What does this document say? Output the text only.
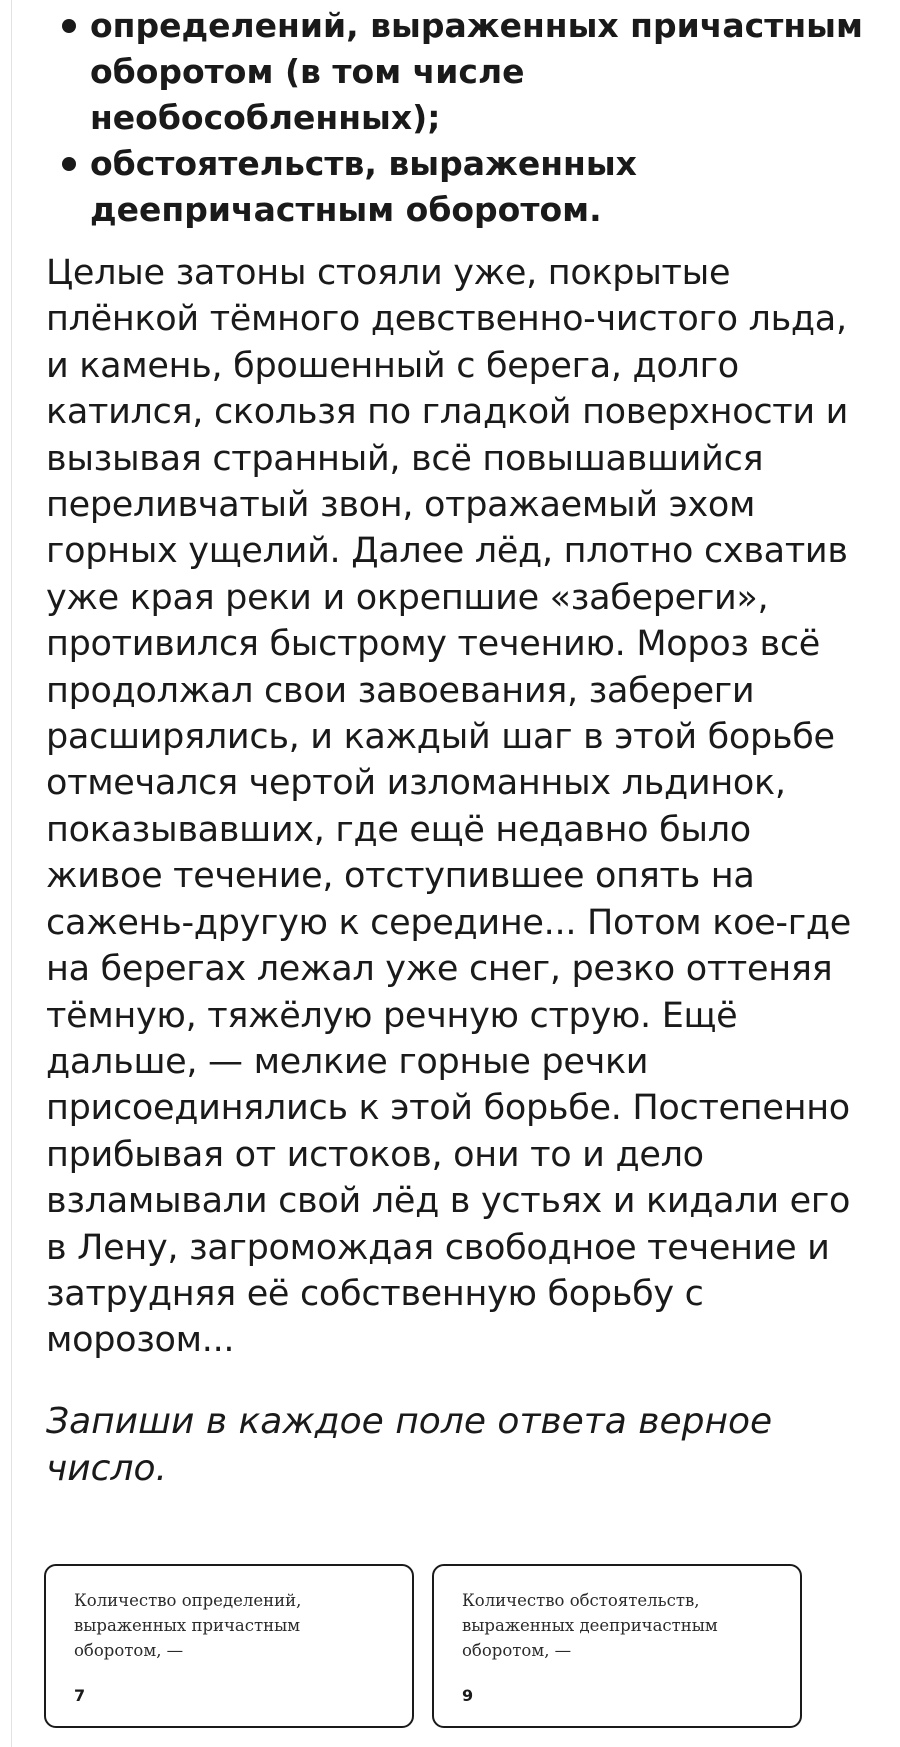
определений, выраженных причастным оборотом (в том числе необособленных);
обстоятельств, выраженных деепричастным оборотом.

Целые затоны стояли уже, покрытые плёнкой тёмного девственно-чистого льда, и камень, брошенный с берега, долго катился, скользя по гладкой поверхности и вызывая странный, всё повышавшийся переливчатый звон, отражаемый эхом горных ущелий. Далее лёд, плотно схватив уже края реки и окрепшие «забереги», противился быстрому течению. Мороз всё продолжал свои завоевания, забереги расширялись, и каждый шаг в этой борьбе отмечался чертой изломанных льдинок, показывавших, где ещё недавно было живое течение, отступившее опять на сажень-другую к середине... Потом кое-где на берегах лежал уже снег, резко оттеняя тёмную, тяжёлую речную струю. Ещё дальше, — мелкие горные речки присоединялись к этой борьбе. Постепенно прибывая от истоков, они то и дело взламывали свой лёд в устьях и кидали его в Лену, загромождая свободное течение и затрудняя её собственную борьбу с морозом...

Запиши в каждое поле ответа верное число.

Количество определений, выраженных причастным оборотом, —
7
Количество обстоятельств, выраженных деепричастным оборотом, —
9
